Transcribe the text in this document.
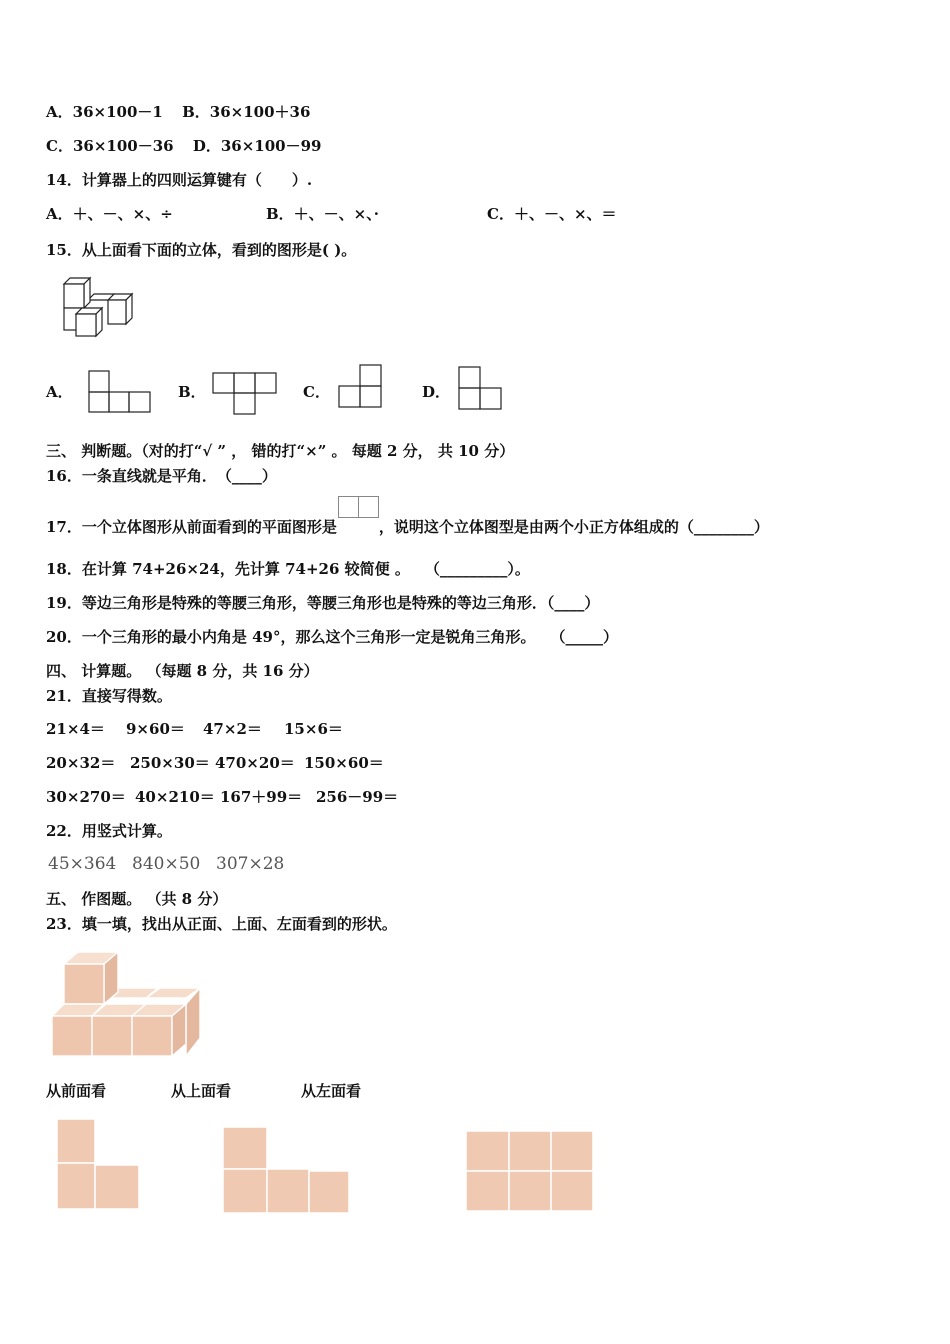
A．36×100－1 B．36×100＋36
C．36×100－36 D．36×100－99
14．计算器上的四则运算键有（　　）.
A．＋、－、×、÷	B．＋、－、×、·	C．＋、－、×、＝
15．从上面看下面的立体，看到的图形是( )。
A．	B．	C．	D．
三、 判断题。（对的打“√ ” ， 错的打“×” 。 每题 2 分， 共 10 分）
16．一条直线就是平角．　（____）
17．一个立体图形从前面看到的平面图形是	，说明这个立体图型是由两个小正方体组成的（________）
18．在计算 74+26×24，先计算 74+26 较简便 。　　（_________）。
19．等边三角形是特殊的等腰三角形，等腰三角形也是特殊的等边三角形．（____）
20．一个三角形的最小内角是 49°，那么这个三角形一定是锐角三角形。　　（_____）
四、 计算题。 （每题 8 分，共 16 分）
21．直接写得数。
21×4＝ 9×60＝ 47×2＝ 15×6＝
20×32＝ 250×30＝ 470×20＝ 150×60＝
30×270＝ 40×210＝ 167＋99＝ 256－99＝
22．用竖式计算。
45×364 840×50 307×28
五、 作图题。 （共 8 分）
23．填一填，找出从正面、上面、左面看到的形状。
从前面看	从上面看	从左面看
